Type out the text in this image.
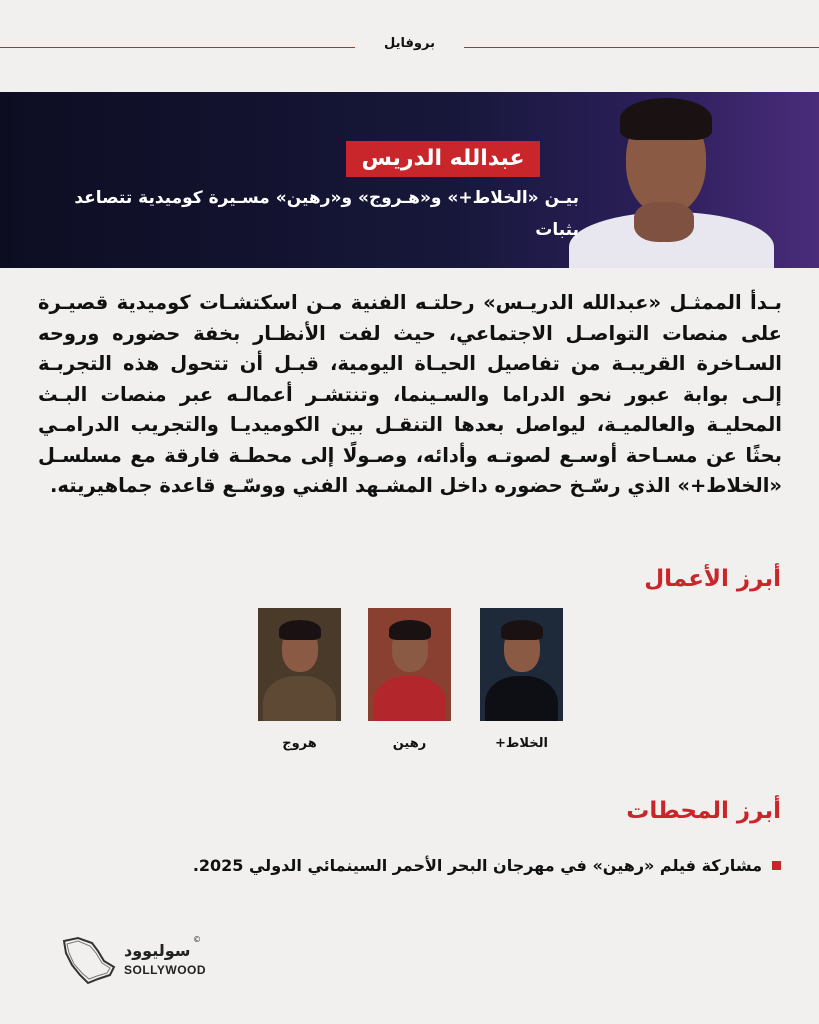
بروفايل
عبدالله الدريس
بيـن «الخلاط+» و«هـروج» و«رهين» مسـيرة كوميدية تتصاعد بثبات
بـدأ الممثـل «عبدالله الدريـس» رحلتـه الفنية مـن اسكتشـات كوميدية قصيـرة على منصات التواصـل الاجتماعي، حيث لفت الأنظـار بخفة حضوره وروحه السـاخرة القريبـة من تفاصيل الحيـاة اليومية، قبـل أن تتحول هذه التجربـة إلـى بوابة عبور نحو الدراما والسـينما، وتنتشـر أعمالـه عبر منصات البـث المحليـة والعالميـة، ليواصل بعدها التنقـل بين الكوميديـا والتجريب الدرامـي بحثًا عن مسـاحة أوسـع لصوتـه وأدائه، وصـولًا إلى محطـة فارقة مع مسلسـل «الخلاط+» الذي رسّـخ حضوره داخل المشـهد الفني ووسّـع قاعدة جماهيريته.
أبرز الأعمال
الخلاط+
رهين
هروج
أبرز المحطات
مشاركة فيلم «رهين» في مهرجان البحر الأحمر السينمائي الدولي 2025.
سوليوود
SOLLYWOOD
©
